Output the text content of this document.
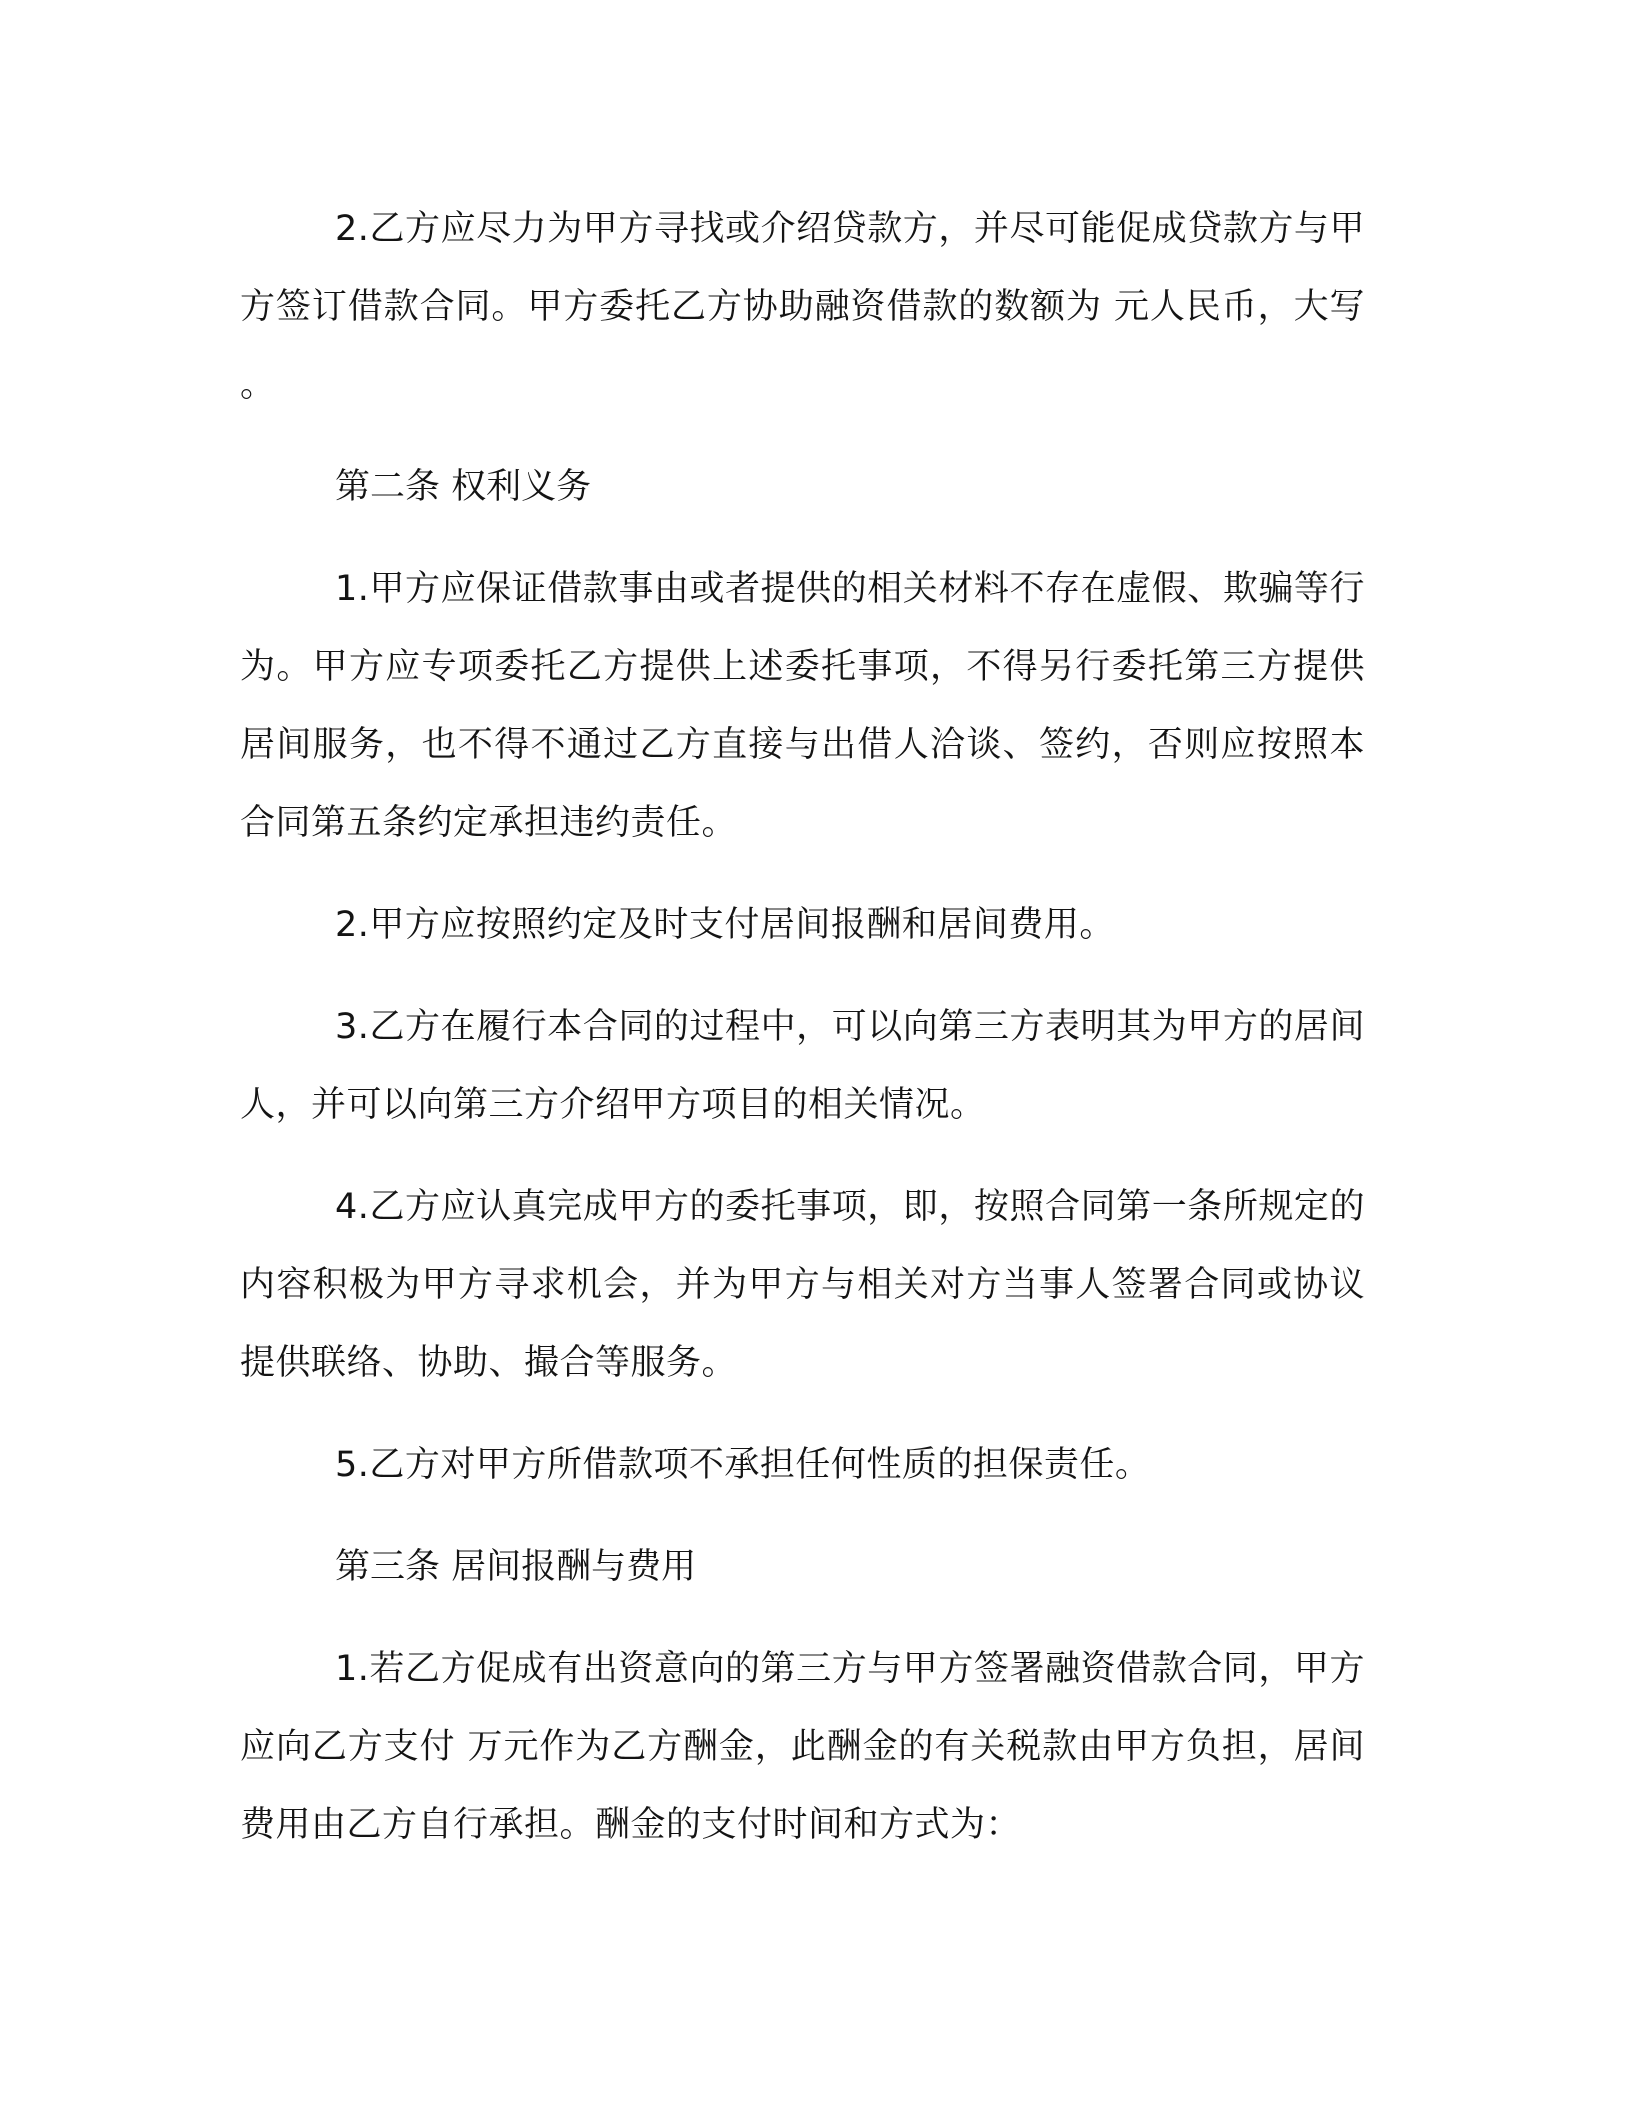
2.乙方应尽力为甲方寻找或介绍贷款方，并尽可能促成贷款方与甲方签订借款合同。甲方委托乙方协助融资借款的数额为 元人民币，大写 。

第二条 权利义务

1.甲方应保证借款事由或者提供的相关材料不存在虚假、欺骗等行为。甲方应专项委托乙方提供上述委托事项，不得另行委托第三方提供居间服务，也不得不通过乙方直接与出借人洽谈、签约，否则应按照本合同第五条约定承担违约责任。

2.甲方应按照约定及时支付居间报酬和居间费用。

3.乙方在履行本合同的过程中，可以向第三方表明其为甲方的居间人，并可以向第三方介绍甲方项目的相关情况。

4.乙方应认真完成甲方的委托事项，即，按照合同第一条所规定的内容积极为甲方寻求机会，并为甲方与相关对方当事人签署合同或协议提供联络、协助、撮合等服务。

5.乙方对甲方所借款项不承担任何性质的担保责任。

第三条 居间报酬与费用

1.若乙方促成有出资意向的第三方与甲方签署融资借款合同，甲方应向乙方支付 万元作为乙方酬金，此酬金的有关税款由甲方负担，居间费用由乙方自行承担。酬金的支付时间和方式为：
